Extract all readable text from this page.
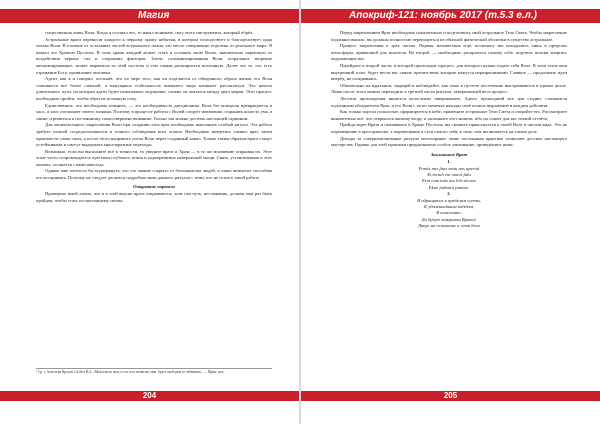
Магия

существовала лишь Воля. Когда я осознал это, то начал понимать силу этого инструмента, который обрёл.

Астральные врата переносят каждого к чёрному храму небытия, в котором господствует и благоденствует одна только Воля. В отличие от остальных частей астрального плана, это место совершенно отделено от реального мира. Я назвал это Храмом Пустоты. В этом храме каждый может стать и осознать свою Волю, значительно окрепшую от воздействия чёрных сил и сторонних факторов. Затем, гальванизированная Воля, астральное творение механизированное, может вырваться из этой пустоты и тем самым расшириться вселенную. Далее это то, что есть отражение Бога, проявление человека.

Адепт, как я и говорил, осознаёт, что по мере того, как он отдаляется от обыденного образа жизни, его Воля становится всё более сильной, а кажущаяся стабильность внешнего мира начинает рассыпаться. Это начало длительного пути, на котором адепт будет испытывать ощущение, словно он оказался между двух миров. Этот процесс необходимо пройти, чтобы обрести истинную силу.

Единственное, что необходимо помнить, — это необходимость дисциплины. Воля без контроля превращается в хаос, а хаос поглощает своего хозяина. Поэтому в процессе работы с Волей следует неизменно сохранять ясность ума, а также стремиться к постоянному самосовершенствованию. Только так можно достичь настоящей гармонии.

Для окончательного закрепления Воли при создании этих врат необходимо выполнить особый ритуал. Эта работа требует полной сосредоточенности и точного соблюдения всех этапов. Необходимо начертить символ врат, затем произнести слова силы, а после этого направить поток Воли через созданный канал. Только таким образом врата станут устойчивыми и смогут выдержать многократные переходы.

Возможно, если вы выполните всё в точности, то увидите врата и Храм — в то же мгновение открывая их. Этот опыт часто сопровождается чувством глубокого покоя и одновременно невероятной мощи. Связь, установленная в этот момент, останется с вами навсегда.

Однако мне хотелось бы подчеркнуть, что это знание сокрыто от большинства людей, и лишь немногие способны его воспринять. Поэтому не следует делиться подробностями данного ритуала с теми, кто не готов к такой работе.

Открытие портала

Проверено мной лично, что и в этой версии врата открываются, хотя сам путь, несомненно, должен ещё раз быть пройден, чтобы стать по-настоящему своим.

¹ Ср. у Алистера Кроули («Liber B»): «Моя власть моя, и тот, кто позволит мне, будет свободен от забвения». — Прим. ред.
204
Апокриф-121: ноябрь 2017 (т.5.3 е.л.)

Перед закреплением Врат необходимо показательно и подготовить свой астральное Тело Света. Чтобы закрепление подлинно вышло, вы должны полностью переродиться из обычной физической оболочки в существо астральное.

Процесс закрепления в трёх частях. Первая, неизвестная ещё, поскольку мы находились лишь в пределах атмосферы, привычной для искателя. Во второй — необходимо раскрыться самому себе, ощутить потоки энергии, окружающие вас.

Перейдите к второй части, в которой происходит процесс, для которого нужно отдать себя Воле. В этом этапе ваш внутренний голос будет вести вас сквозь препятствия, которые кажутся неразрешимыми. Главное — продолжать идти вперёд, не оглядываясь.

Обязательно на вдыхании, сидящей и наблюдайте, как силы в пустоте постепенно выстраиваются в единое целое. Лишь после этого можно переходить к третьей части ритуала, завершающей весь процесс.

Логотип прохождения является целостным завершением. Адепт, прошедший все три стадии, становится подлинным обладателем Врат, и его Воля с этого момента находит своё полное выражение в каждом действии.

Как только портал полностью сформируется в небе, примените астральное Тело Света и откройте его. Рассмотрите внимательно всё, что открылось вашему взору, и запомните этот момент, ибо он станет для вас точкой отсчёта.

Пройдя через Врата и оказавшись в Храме Пустоты, вы сможете прикоснуться к своей Воле в чистом виде. Это не перемещение в пространстве, а перемещение к сути самого себя, к тому, чем вы являетесь на самом деле.

Доводы за совершенствование ритуала неоспоримы: лишь постоянная практика позволяет достичь настоящего мастерства. Однако для этой практики предназначено особое заклинание, приведённое ниже.

Заклинание Врат
1.
Pontis mei faux metu nos aperuit
Et tortuh ent omeis falu
Erni cum tutis mu lela nicaos
Ekuo juibatra pantuo.
2.
Я обращаюсь к пределам суеты,
К удалённейшим звёздам,
Я повелеваю:
Да будут открыты Врата!
Дверь на основание к сетя бога
205
